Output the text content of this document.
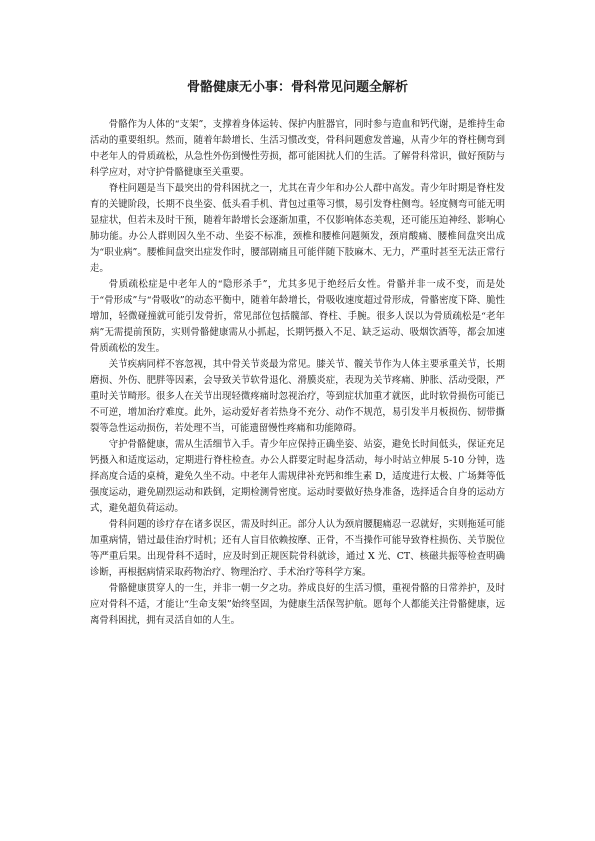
骨骼健康无小事：骨科常见问题全解析

骨骼作为人体的“支架”，支撑着身体运转、保护内脏器官，同时参与造血和钙代谢，是维持生命活动的重要组织。然而，随着年龄增长、生活习惯改变，骨科问题愈发普遍，从青少年的脊柱侧弯到中老年人的骨质疏松，从急性外伤到慢性劳损，都可能困扰人们的生活。了解骨科常识，做好预防与科学应对，对守护骨骼健康至关重要。

脊柱问题是当下最突出的骨科困扰之一，尤其在青少年和办公人群中高发。青少年时期是脊柱发育的关键阶段，长期不良坐姿、低头看手机、背包过重等习惯，易引发脊柱侧弯。轻度侧弯可能无明显症状，但若未及时干预，随着年龄增长会逐渐加重，不仅影响体态美观，还可能压迫神经、影响心肺功能。办公人群则因久坐不动、坐姿不标准，颈椎和腰椎问题频发，颈肩酸痛、腰椎间盘突出成为“职业病”。腰椎间盘突出症发作时，腰部剧痛且可能伴随下肢麻木、无力，严重时甚至无法正常行走。

骨质疏松症是中老年人的“隐形杀手”，尤其多见于绝经后女性。骨骼并非一成不变，而是处于“骨形成”与“骨吸收”的动态平衡中，随着年龄增长，骨吸收速度超过骨形成，骨骼密度下降、脆性增加，轻微碰撞就可能引发骨折，常见部位包括髋部、脊柱、手腕。很多人误以为骨质疏松是“老年病”无需提前预防，实则骨骼健康需从小抓起，长期钙摄入不足、缺乏运动、吸烟饮酒等，都会加速骨质疏松的发生。

关节疾病同样不容忽视，其中骨关节炎最为常见。膝关节、髋关节作为人体主要承重关节，长期磨损、外伤、肥胖等因素，会导致关节软骨退化、滑膜炎症，表现为关节疼痛、肿胀、活动受限，严重时关节畸形。很多人在关节出现轻微疼痛时忽视治疗，等到症状加重才就医，此时软骨损伤可能已不可逆，增加治疗难度。此外，运动爱好者若热身不充分、动作不规范，易引发半月板损伤、韧带撕裂等急性运动损伤，若处理不当，可能遗留慢性疼痛和功能障碍。

守护骨骼健康，需从生活细节入手。青少年应保持正确坐姿、站姿，避免长时间低头，保证充足钙摄入和适度运动，定期进行脊柱检查。办公人群要定时起身活动，每小时站立伸展 5-10 分钟，选择高度合适的桌椅，避免久坐不动。中老年人需规律补充钙和维生素 D，适度进行太极、广场舞等低强度运动，避免剧烈运动和跌倒，定期检测骨密度。运动时要做好热身准备，选择适合自身的运动方式，避免超负荷运动。

骨科问题的诊疗存在诸多误区，需及时纠正。部分人认为颈肩腰腿痛忍一忍就好，实则拖延可能加重病情，错过最佳治疗时机；还有人盲目依赖按摩、正骨，不当操作可能导致脊柱损伤、关节脱位等严重后果。出现骨科不适时，应及时到正规医院骨科就诊，通过 X 光、CT、核磁共振等检查明确诊断，再根据病情采取药物治疗、物理治疗、手术治疗等科学方案。

骨骼健康贯穿人的一生，并非一朝一夕之功。养成良好的生活习惯，重视骨骼的日常养护，及时应对骨科不适，才能让“生命支架”始终坚固，为健康生活保驾护航。愿每个人都能关注骨骼健康，远离骨科困扰，拥有灵活自如的人生。
